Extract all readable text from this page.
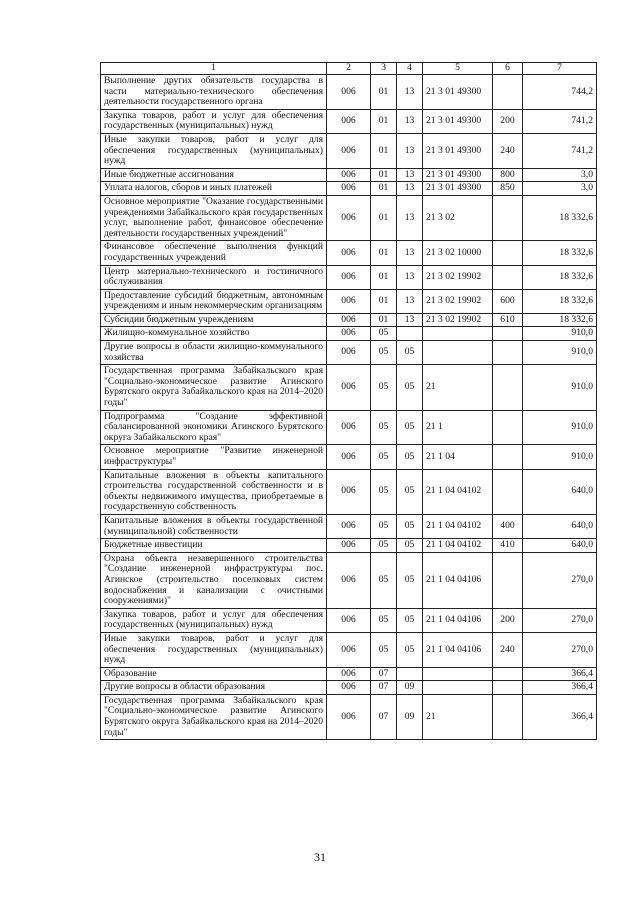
1	2	3	4	5	6	7
Выполнение других обязательств государства в части материально-технического обеспечения деятельности государственного органа	006	01	13	21 3 01 49300		744,2
Закупка товаров, работ и услуг для обеспечения государственных (муниципальных) нужд	006	01	13	21 3 01 49300	200	741,2
Иные закупки товаров, работ и услуг для обеспечения государственных (муниципальных) нужд	006	01	13	21 3 01 49300	240	741,2
Иные бюджетные ассигнования	006	01	13	21 3 01 49300	800	3,0
Уплата налогов, сборов и иных платежей	006	01	13	21 3 01 49300	850	3,0
Основное мероприятие "Оказание государственными учреждениями Забайкальского края государственных услуг, выполнение работ, финансовое обеспечение деятельности государственных учреждений"	006	01	13	21 3 02		18 332,6
Финансовое обеспечение выполнения функций государственных учреждений	006	01	13	21 3 02 10000		18 332,6
Центр материально-технического и гостиничного обслуживания	006	01	13	21 3 02 19902		18 332,6
Предоставление субсидий бюджетным, автономным учреждениям и иным некоммерческим организациям	006	01	13	21 3 02 19902	600	18 332,6
Субсидии бюджетным учреждениям	006	01	13	21 3 02 19902	610	18 332,6
Жилищно-коммунальное хозяйство	006	05				910,0
Другие вопросы в области жилищно-коммунального хозяйства	006	05	05			910,0
Государственная программа Забайкальского края "Социально-экономическое развитие Агинского Бурятского округа Забайкальского края на 2014–2020 годы"	006	05	05	21		910,0
Подпрограмма "Создание эффективной сбалансированной экономики Агинского Бурятского округа Забайкальского края"	006	05	05	21 1		910,0
Основное мероприятие "Развитие инженерной инфраструктуры"	006	05	05	21 1 04		910,0
Капитальные вложения в объекты капитального строительства государственной собственности и в объекты недвижимого имущества, приобретаемые в государственную собственность	006	05	05	21 1 04 04102		640,0
Капитальные вложения в объекты государственной (муниципальной) собственности	006	05	05	21 1 04 04102	400	640,0
Бюджетные инвестиции	006	05	05	21 1 04 04102	410	640,0
Охрана объекта незавершенного строительства "Создание инженерной инфраструктуры пос. Агинское (строительство поселковых систем водоснабжения и канализации с очистными сооружениями)"	006	05	05	21 1 04 04106		270,0
Закупка товаров, работ и услуг для обеспечения государственных (муниципальных) нужд	006	05	05	21 1 04 04106	200	270,0
Иные закупки товаров, работ и услуг для обеспечения государственных (муниципальных) нужд	006	05	05	21 1 04 04106	240	270,0
Образование	006	07				366,4
Другие вопросы в области образования	006	07	09			366,4
Государственная программа Забайкальского края "Социально-экономическое развитие Агинского Бурятского округа Забайкальского края на 2014–2020 годы"	006	07	09	21		366,4
31
